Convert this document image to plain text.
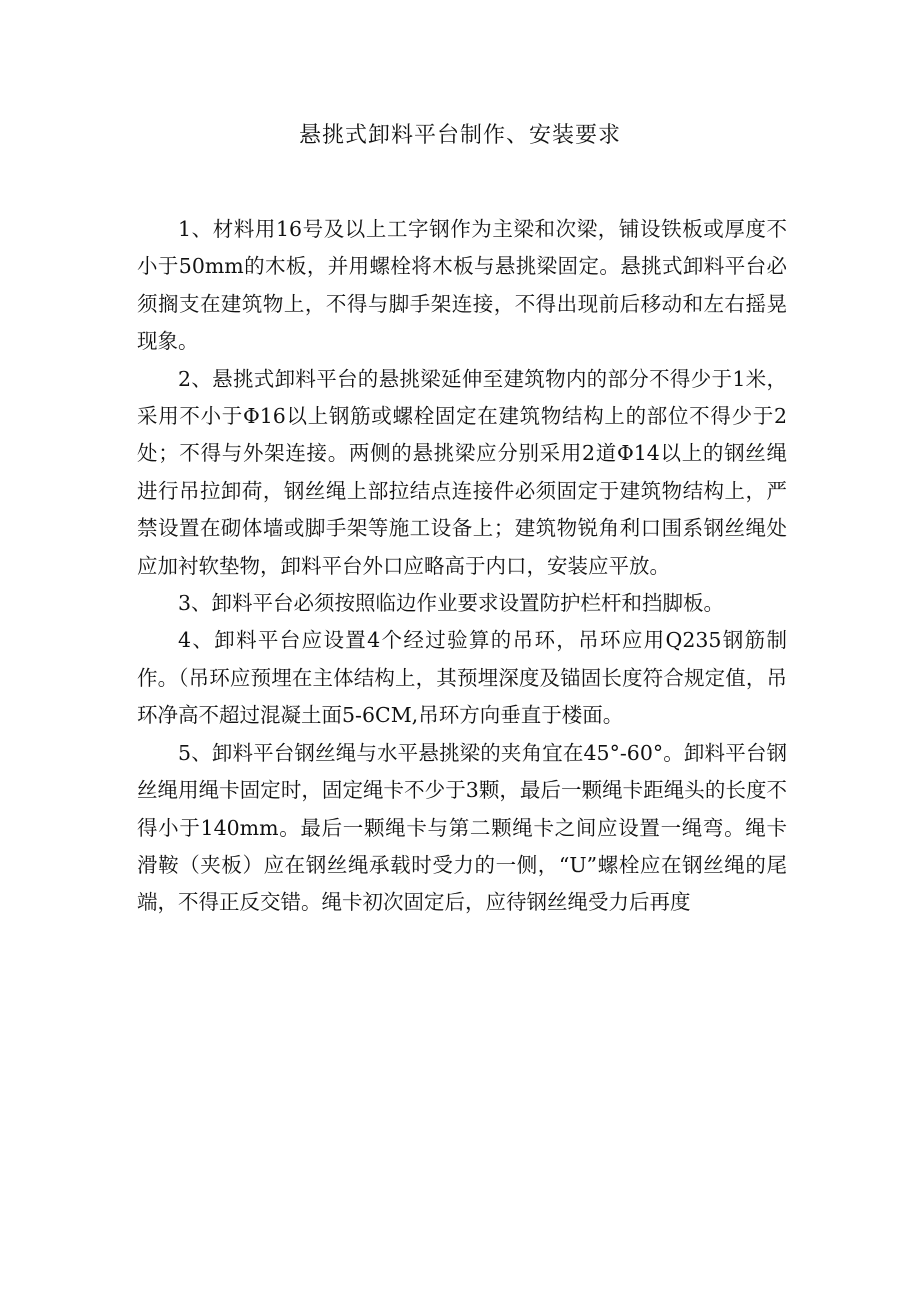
悬挑式卸料平台制作、安装要求

1、材料用16号及以上工字钢作为主梁和次梁，铺设铁板或厚度不小于50mm的木板，并用螺栓将木板与悬挑梁固定。悬挑式卸料平台必须搁支在建筑物上，不得与脚手架连接，不得出现前后移动和左右摇晃现象。

2、悬挑式卸料平台的悬挑梁延伸至建筑物内的部分不得少于1米，采用不小于Φ16以上钢筋或螺栓固定在建筑物结构上的部位不得少于2处；不得与外架连接。两侧的悬挑梁应分别采用2道Φ14以上的钢丝绳进行吊拉卸荷，钢丝绳上部拉结点连接件必须固定于建筑物结构上，严禁设置在砌体墙或脚手架等施工设备上；建筑物锐角利口围系钢丝绳处应加衬软垫物，卸料平台外口应略高于内口，安装应平放。

3、卸料平台必须按照临边作业要求设置防护栏杆和挡脚板。

4、卸料平台应设置4个经过验算的吊环，吊环应用Q235钢筋制作。（吊环应预埋在主体结构上，其预埋深度及锚固长度符合规定值，吊环净高不超过混凝土面5-6CM,吊环方向垂直于楼面。

5、卸料平台钢丝绳与水平悬挑梁的夹角宜在45°-60°。卸料平台钢丝绳用绳卡固定时，固定绳卡不少于3颗，最后一颗绳卡距绳头的长度不得小于140mm。最后一颗绳卡与第二颗绳卡之间应设置一绳弯。绳卡滑鞍（夹板）应在钢丝绳承载时受力的一侧，“U”螺栓应在钢丝绳的尾端，不得正反交错。绳卡初次固定后，应待钢丝绳受力后再度
